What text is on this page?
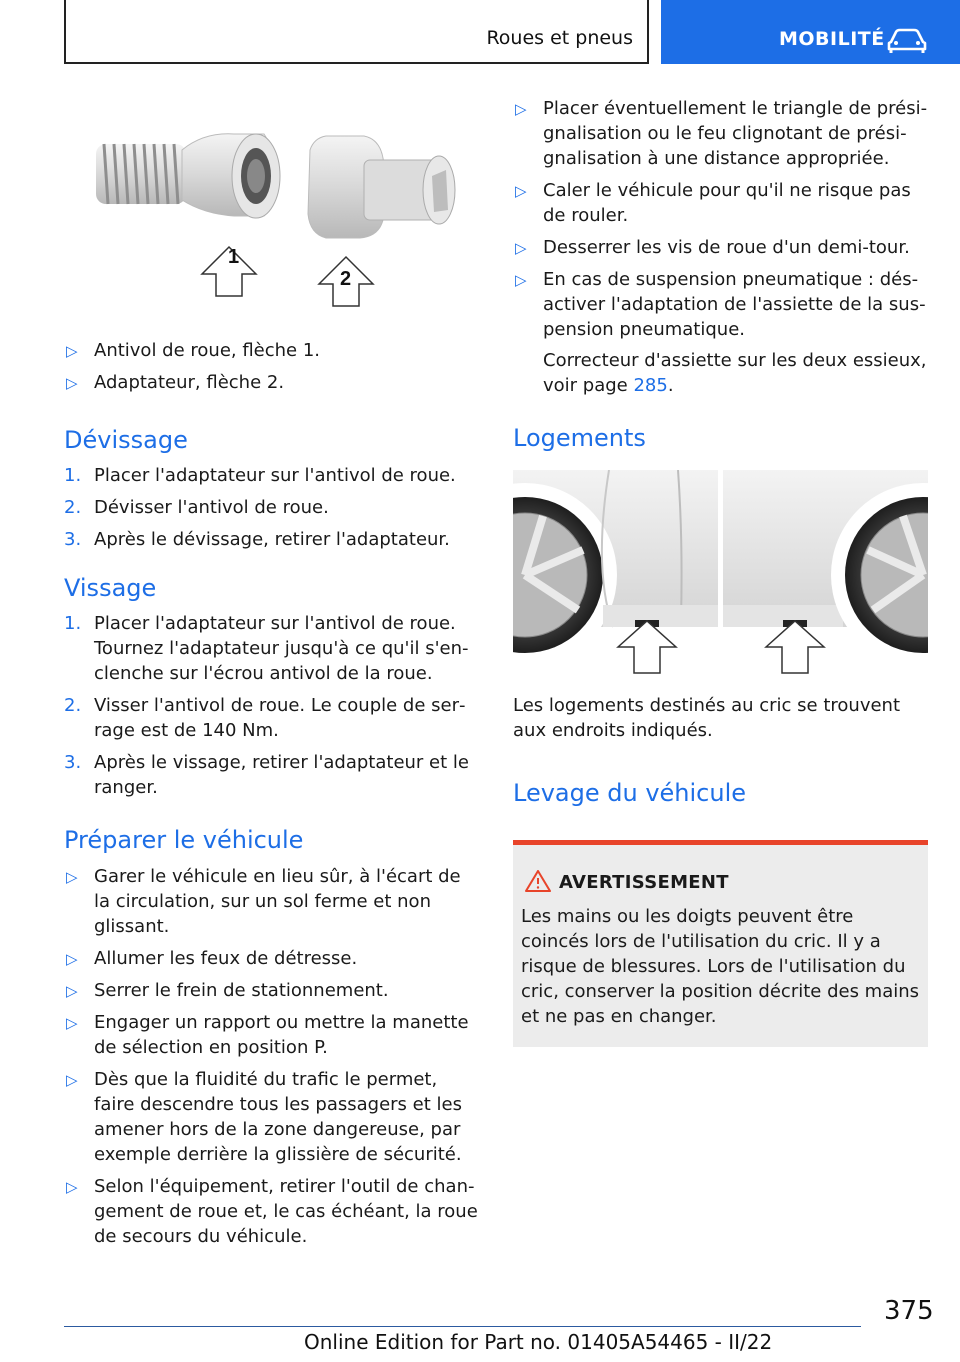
Roues et pneus	MOBILITÉ
1
2
▷ Antivol de roue, flèche 1.
▷ Adaptateur, flèche 2.
Dévissage
1. Placer l'adaptateur sur l'antivol de roue.
2. Dévisser l'antivol de roue.
3. Après le dévissage, retirer l'adaptateur.
Vissage
1. Placer l'adaptateur sur l'antivol de roue. Tournez l'adaptateur jusqu'à ce qu'il s'enclenche sur l'écrou antivol de la roue.
2. Visser l'antivol de roue. Le couple de serrage est de 140 Nm.
3. Après le vissage, retirer l'adaptateur et le ranger.
Préparer le véhicule
▷ Garer le véhicule en lieu sûr, à l'écart de la circulation, sur un sol ferme et non glissant.
▷ Allumer les feux de détresse.
▷ Serrer le frein de stationnement.
▷ Engager un rapport ou mettre la manette de sélection en position P.
▷ Dès que la fluidité du trafic le permet, faire descendre tous les passagers et les amener hors de la zone dangereuse, par exemple derrière la glissière de sécurité.
▷ Selon l'équipement, retirer l'outil de changement de roue et, le cas échéant, la roue de secours du véhicule.
▷ Placer éventuellement le triangle de présignalisation ou le feu clignotant de présignalisation à une distance appropriée.
▷ Caler le véhicule pour qu'il ne risque pas de rouler.
▷ Desserrer les vis de roue d'un demi-tour.
▷ En cas de suspension pneumatique : désactiver l'adaptation de l'assiette de la suspension pneumatique.
Correcteur d'assiette sur les deux essieux, voir page 285.
Logements

Les logements destinés au cric se trouvent aux endroits indiqués.

Levage du véhicule
AVERTISSEMENT

Les mains ou les doigts peuvent être coincés lors de l'utilisation du cric. Il y a risque de blessures. Lors de l'utilisation du cric, conserver la position décrite des mains et ne pas en changer.

375
Online Edition for Part no. 01405A54465 - II/22
